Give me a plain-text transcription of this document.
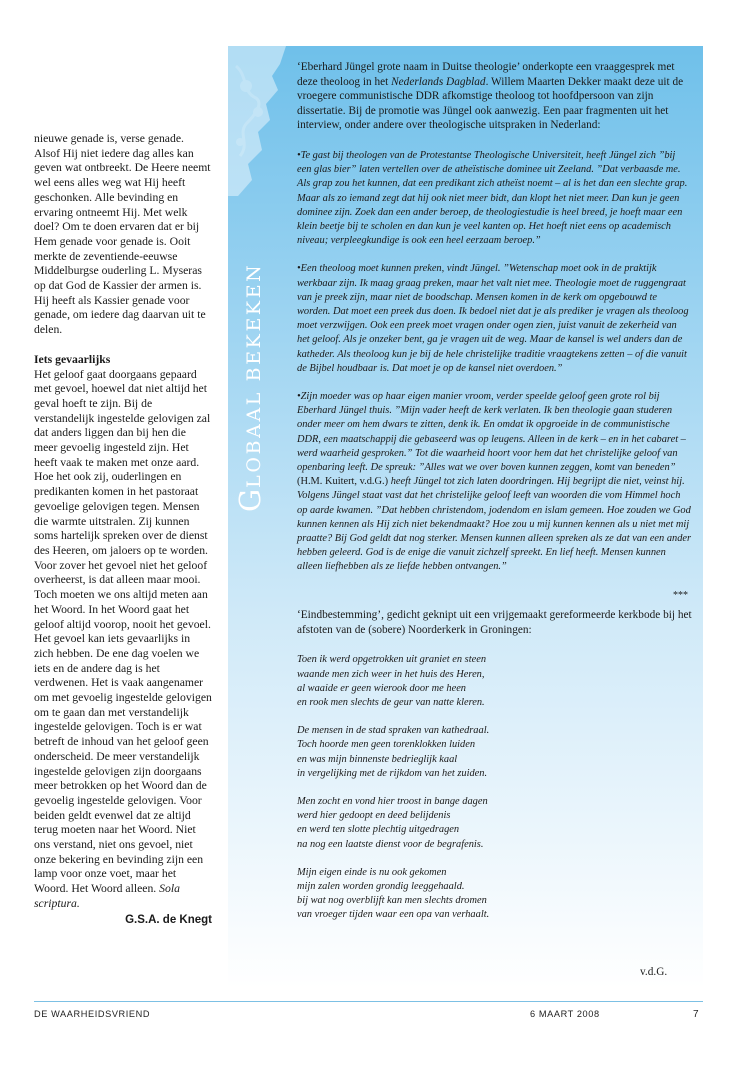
nieuwe genade is, verse genade. Alsof Hij niet iedere dag alles kan geven wat ontbreekt. De Heere neemt wel eens alles weg wat Hij heeft geschonken. Alle bevinding en ervaring ontneemt Hij. Met welk doel? Om te doen ervaren dat er bij Hem genade voor genade is. Ooit merkte de zeventiende-eeuwse Middelburgse ouderling L. Myseras op dat God de Kassier der armen is. Hij heeft als Kassier genade voor genade, om iedere dag daarvan uit te delen.

Iets gevaarlijks

Het geloof gaat doorgaans gepaard met gevoel, hoewel dat niet altijd het geval hoeft te zijn. Bij de verstandelijk ingestelde gelovigen zal dat anders liggen dan bij hen die meer gevoelig ingesteld zijn. Het heeft vaak te maken met onze aard. Hoe het ook zij, ouderlingen en predikanten komen in het pastoraat gevoelige gelovigen tegen. Mensen die warmte uitstralen. Zij kunnen soms hartelijk spreken over de dienst des Heeren, om jaloers op te worden. Voor zover het gevoel niet het geloof overheerst, is dat alleen maar mooi. Toch moeten we ons altijd meten aan het Woord. In het Woord gaat het geloof altijd voorop, nooit het gevoel. Het gevoel kan iets gevaarlijks in zich hebben. De ene dag voelen we iets en de andere dag is het verdwenen. Het is vaak aangenamer om met gevoelig ingestelde gelovigen om te gaan dan met verstandelijk ingestelde gelovigen. Toch is er wat betreft de inhoud van het geloof geen onderscheid. De meer verstandelijk ingestelde gelovigen zijn doorgaans meer betrokken op het Woord dan de gevoelig ingestelde gelovigen. Voor beiden geldt evenwel dat ze altijd terug moeten naar het Woord. Niet ons verstand, niet ons gevoel, niet onze bekering en bevinding zijn een lamp voor onze voet, maar het Woord. Het Woord alleen. Sola scriptura.

G.S.A. de Knegt
GLOBAAL BEKEKEN

‘Eberhard Jüngel grote naam in Duitse theologie’ onderkopte een vraaggesprek met deze theoloog in het Nederlands Dagblad. Willem Maarten Dekker maakt deze uit de vroegere communistische DDR afkomstige theoloog tot hoofdpersoon van zijn dissertatie. Bij de promotie was Jüngel ook aanwezig. Een paar fragmenten uit het interview, onder andere over theologische uitspraken in Nederland:

•Te gast bij theologen van de Protestantse Theologische Universiteit, heeft Jüngel zich ”bij een glas bier” laten vertellen over de atheïstische dominee uit Zeeland. ”Dat verbaasde me. Als grap zou het kunnen, dat een predikant zich atheïst noemt – al is het dan een slechte grap. Maar als zo iemand zegt dat hij ook niet meer bidt, dan klopt het niet meer. Dan kun je geen dominee zijn. Zoek dan een ander beroep, de theologiestudie is heel breed, je hoeft maar een klein beetje bij te scholen en dan kun je veel kanten op. Het hoeft niet eens op academisch niveau; verpleegkundige is ook een heel eerzaam beroep.”

•Een theoloog moet kunnen preken, vindt Jüngel. ”Wetenschap moet ook in de praktijk werkbaar zijn. Ik maag graag preken, maar het valt niet mee. Theologie moet de ruggengraat van je preek zijn, maar niet de boodschap. Mensen komen in de kerk om opgebouwd te worden. Dat moet een preek dus doen. Ik bedoel niet dat je als prediker je vragen als theoloog moet verzwijgen. Ook een preek moet vragen onder ogen zien, juist vanuit de zekerheid van het geloof. Als je onzeker bent, ga je vragen uit de weg. Maar de kansel is wel anders dan de katheder. Als theoloog kun je bij de hele christelijke traditie vraagtekens zetten – of die vanuit de Bijbel houdbaar is. Dat moet je op de kansel niet overdoen.”

•Zijn moeder was op haar eigen manier vroom, verder speelde geloof geen grote rol bij Eberhard Jüngel thuis. ”Mijn vader heeft de kerk verlaten. Ik ben theologie gaan studeren onder meer om hem dwars te zitten, denk ik. En omdat ik opgroeide in de communistische DDR, een maatschappij die gebaseerd was op leugens. Alleen in de kerk – en in het cabaret – werd waarheid gesproken.” Tot die waarheid hoort voor hem dat het christelijke geloof van openbaring leeft. De spreuk: ”Alles wat we over boven kunnen zeggen, komt van beneden” (H.M. Kuitert, v.d.G.) heeft Jüngel tot zich laten doordringen. Hij begrijpt die niet, veinst hij. Volgens Jüngel staat vast dat het christelijke geloof leeft van woorden die vom Himmel hoch op aarde kwamen. ”Dat hebben christendom, jodendom en islam gemeen. Hoe zouden we God kunnen kennen als Hij zich niet bekendmaakt? Hoe zou u mij kunnen kennen als u niet met mij praatte? Bij God geldt dat nog sterker. Mensen kunnen alleen spreken als ze dat van een ander hebben geleerd. God is de enige die vanuit zichzelf spreekt. En lief heeft. Mensen kunnen alleen liefhebben als ze liefde hebben ontvangen.”

***

‘Eindbestemming’, gedicht geknipt uit een vrijgemaakt gereformeerde kerkbode bij het afstoten van de (sobere) Noorderkerk in Groningen:

Toen ik werd opgetrokken uit graniet en steen
waande men zich weer in het huis des Heren,
al waaide er geen wierook door me heen
en rook men slechts de geur van natte kleren.

De mensen in de stad spraken van kathedraal.
Toch hoorde men geen torenklokken luiden
en was mijn binnenste bedrieglijk kaal
in vergelijking met de rijkdom van het zuiden.

Men zocht en vond hier troost in bange dagen
werd hier gedoopt en deed belijdenis
en werd ten slotte plechtig uitgedragen
na nog een laatste dienst voor de begrafenis.

Mijn eigen einde is nu ook gekomen
mijn zalen worden grondig leeggehaald.
bij wat nog overblijft kan men slechts dromen
van vroeger tijden waar een opa van verhaalt.

v.d.G.
DE WAARHEIDSVRIEND	6 MAART 2008	7
